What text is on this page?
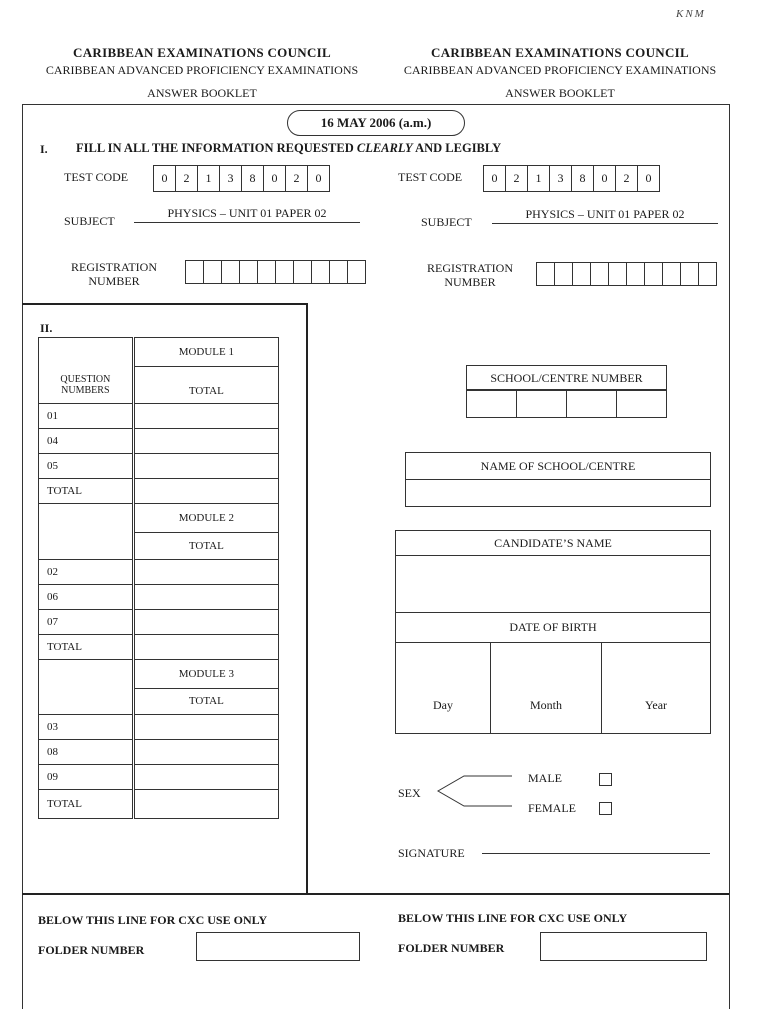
KNM
CARIBBEAN EXAMINATIONS COUNCIL
CARIBBEAN ADVANCED PROFICIENCY EXAMINATIONS
ANSWER BOOKLET
CARIBBEAN EXAMINATIONS COUNCIL
CARIBBEAN ADVANCED PROFICIENCY EXAMINATIONS
ANSWER BOOKLET
16 MAY 2006 (a.m.)
I. FILL IN ALL THE INFORMATION REQUESTED CLEARLY AND LEGIBLY
TEST CODE	0	2	1	3	8	0	2	0	TEST CODE	0	2	1	3	8	0	2	0
SUBJECT
PHYSICS – UNIT 01 PAPER 02
SUBJECT
PHYSICS – UNIT 01 PAPER 02
REGISTRATION
NUMBER
REGISTRATION
NUMBER
II.
	MODULE 1
QUESTION NUMBERS	TOTAL
01	
04	
05	
TOTAL	
	MODULE 2
	TOTAL
02	
06	
07	
TOTAL	
	MODULE 3
	TOTAL
03	
08	
09	
TOTAL	
SCHOOL/CENTRE NUMBER
NAME OF SCHOOL/CENTRE
CANDIDATE’S NAME
DATE OF BIRTH
Day	Month	Year
SEX
MALE
FEMALE
SIGNATURE
BELOW THIS LINE FOR CXC USE ONLY
FOLDER NUMBER
BELOW THIS LINE FOR CXC USE ONLY
FOLDER NUMBER
